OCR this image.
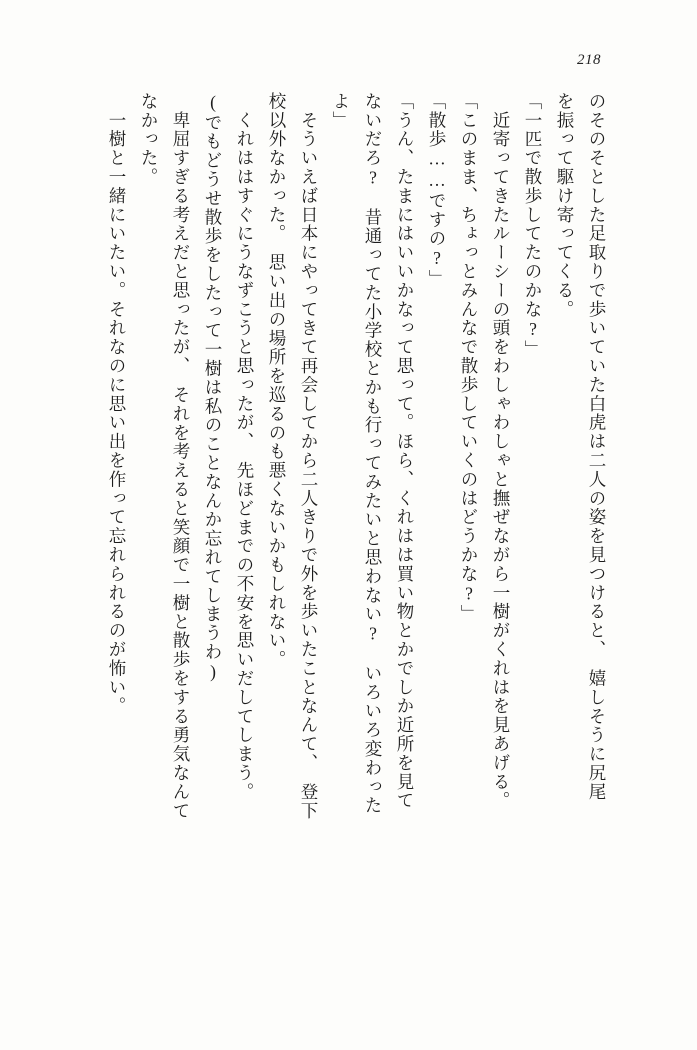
218
のそのそとした足取りで歩いていた白虎は二人の姿を見つけると、　嬉しそうに尻尾
を振って駆け寄ってくる。
「一匹で散歩してたのかな?」
　近寄ってきたルーシーの頭をわしゃわしゃと撫ぜながら一樹がくれはを見あげる。
「このまま、ちょっとみんなで散歩していくのはどうかな?」
「散歩……ですの?」
「うん、たまにはいいかなって思って。ほら、くれはは買い物とかでしか近所を見て
ないだろ?　昔通ってた小学校とかも行ってみたいと思わない?　いろいろ変わった
よ」
　そういえば日本にやってきて再会してから二人きりで外を歩いたことなんて、　登下
校以外なかった。　思い出の場所を巡るのも悪くないかもしれない。
　くれははすぐにうなずこうと思ったが、　先ほどまでの不安を思いだしてしまう。
(でもどうせ散歩をしたって一樹は私のことなんか忘れてしまうわ)
　卑屈すぎる考えだと思ったが、　それを考えると笑顔で一樹と散歩をする勇気なんて
なかった。
　一樹と一緒にいたい。それなのに思い出を作って忘れられるのが怖い。
